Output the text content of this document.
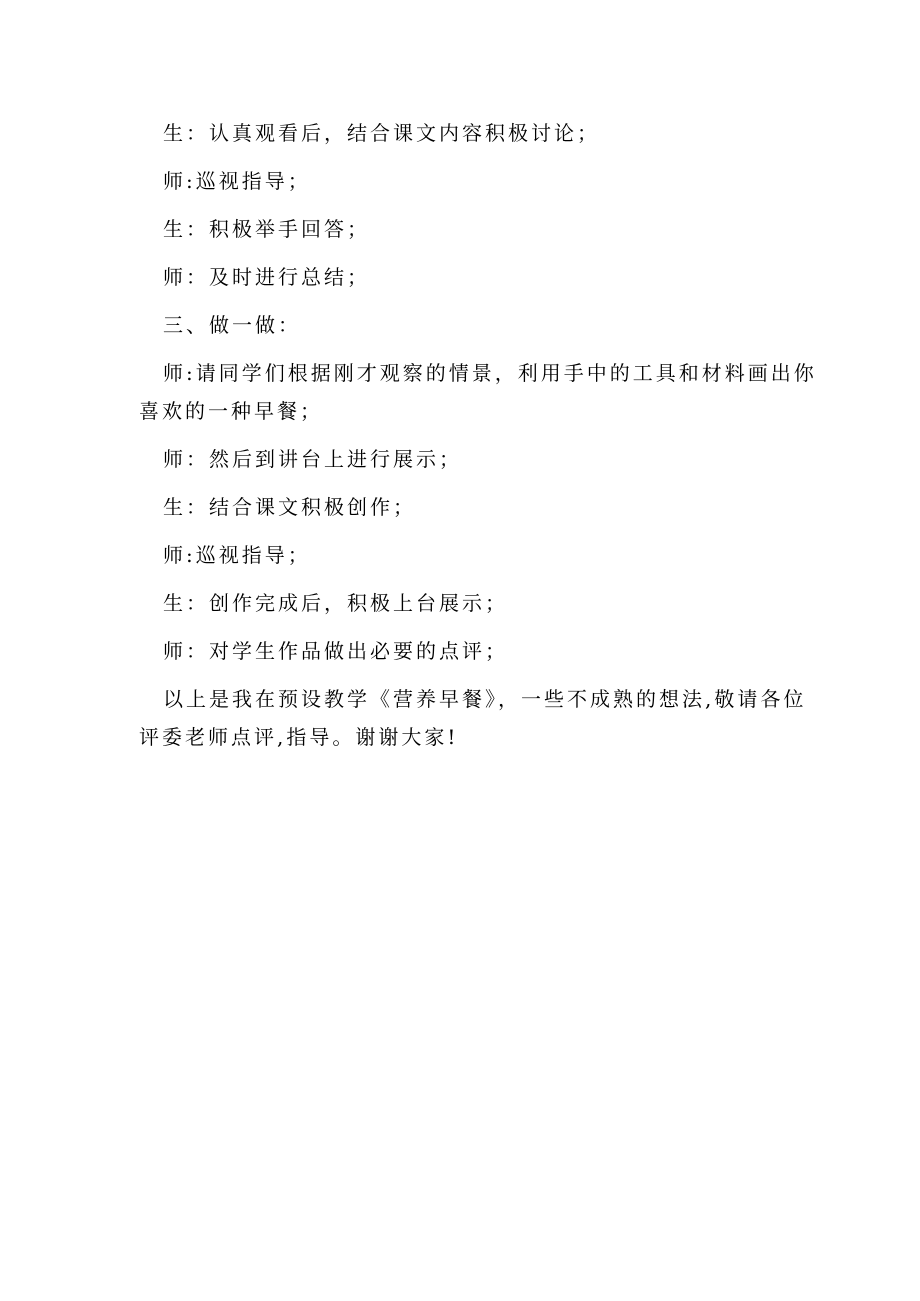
生：认真观看后，结合课文内容积极讨论；
师:巡视指导；
生：积极举手回答；
师：及时进行总结；
三、做一做：
师:请同学们根据刚才观察的情景，利用手中的工具和材料画出你
喜欢的一种早餐；
师：然后到讲台上进行展示；
生：结合课文积极创作；
师:巡视指导；
生：创作完成后，积极上台展示；
师：对学生作品做出必要的点评；
以上是我在预设教学《营养早餐》，一些不成熟的想法,敬请各位
评委老师点评,指导。谢谢大家!
